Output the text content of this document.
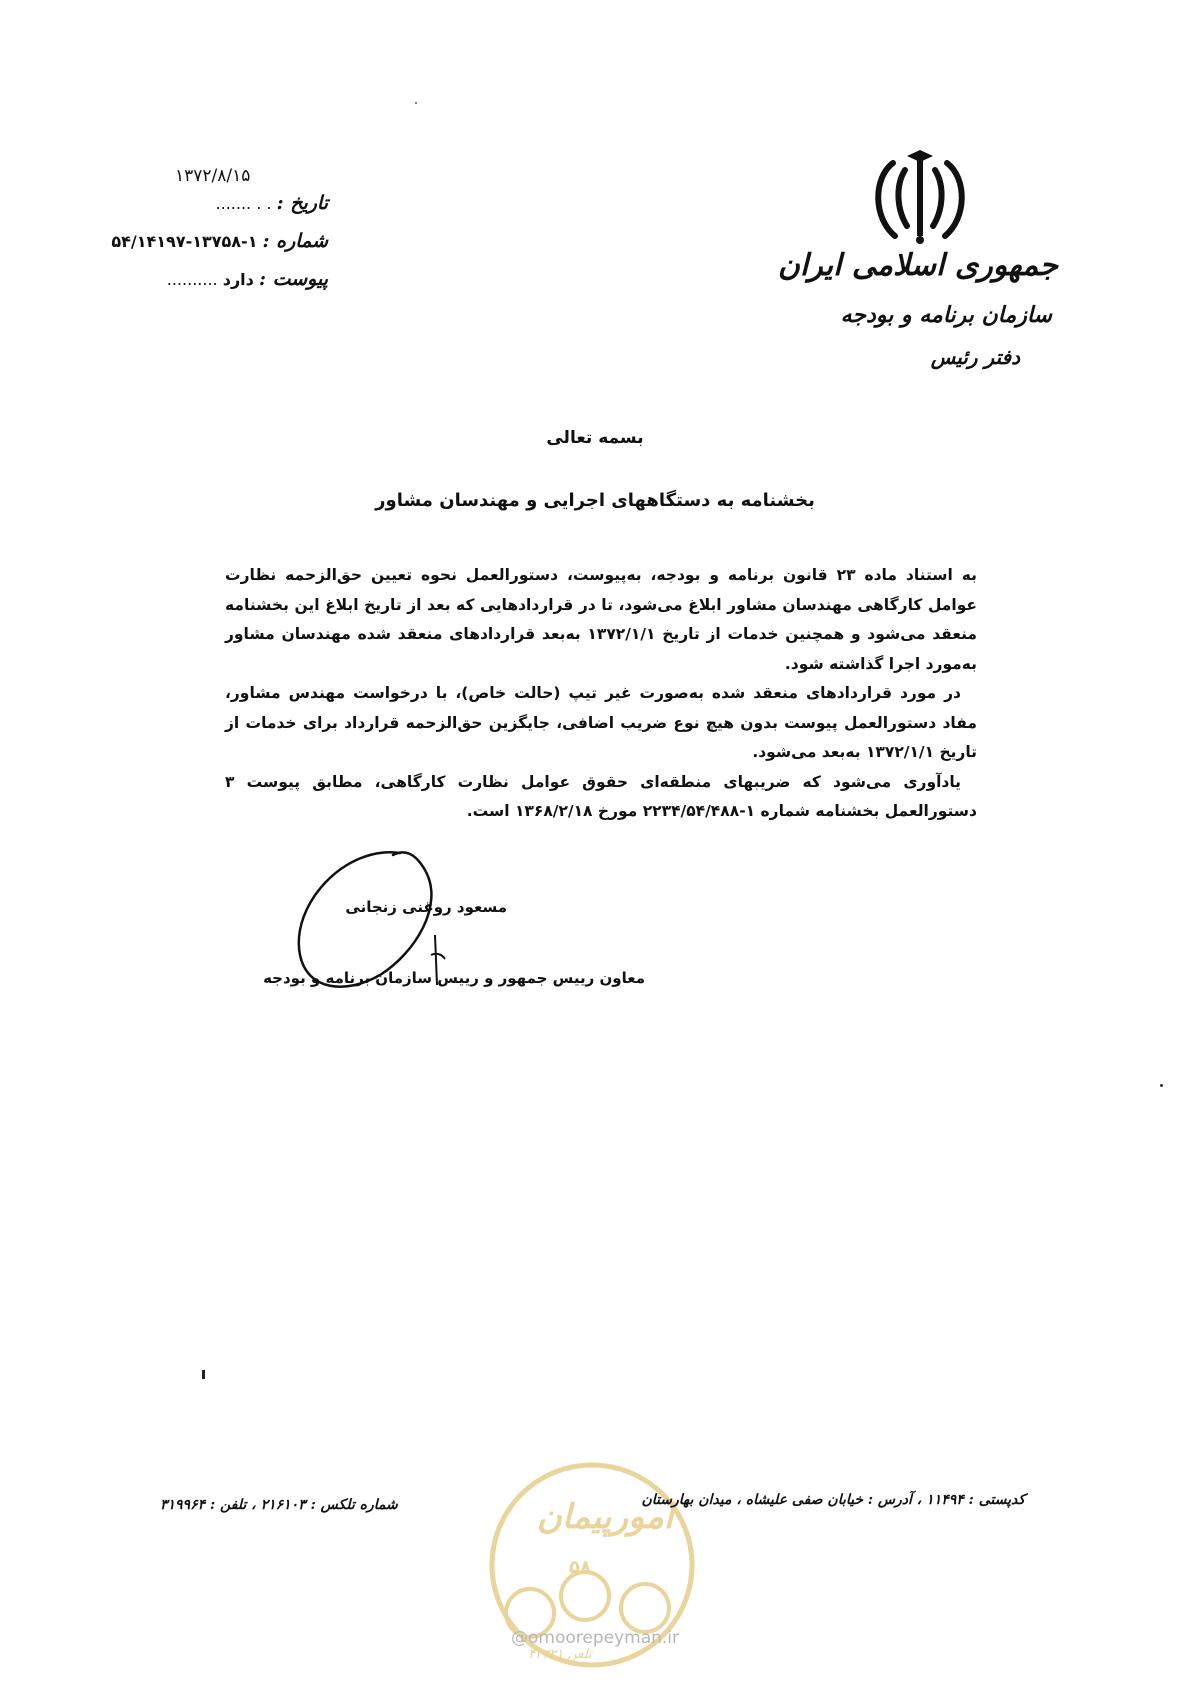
جمهوری اسلامی ایران
سازمان برنامه و بودجه
دفتر رئیس
۱۳۷۲/۸/۱۵
تاریخ : . . .......
شماره : ۱-۱۳۷۵۸-۵۴/۱۴۱۹۷
پیوست : دارد ..........
بسمه تعالی
بخشنامه به دستگاههای اجرایی و مهندسان مشاور

به استناد ماده ۲۳ قانون برنامه و بودجه، به‌پیوست، دستورالعمل نحوه تعیین حق‌الزحمه نظارت عوامل کارگاهی مهندسان مشاور ابلاغ می‌شود، تا در قراردادهایی که بعد از تاریخ ابلاغ این بخشنامه منعقد می‌شود و همچنین خدمات از تاریخ ۱۳۷۲/۱/۱ به‌بعد قراردادهای منعقد شده مهندسان مشاور به‌مورد اجرا گذاشته شود.

در مورد قراردادهای منعقد شده به‌صورت غیر تیپ (حالت خاص)، با درخواست مهندس مشاور، مفاد دستورالعمل پیوست بدون هیچ نوع ضریب اضافی، جایگزین حق‌الزحمه قرارداد برای خدمات از تاریخ ۱۳۷۲/۱/۱ به‌بعد می‌شود.

یادآوری می‌شود که ضریبهای منطقه‌ای حقوق عوامل نظارت کارگاهی، مطابق پیوست ۳ دستورالعمل بخشنامه شماره ۱-۲۲۳۴/۵۴/۴۸۸ مورخ ۱۳۶۸/۲/۱۸ است.

مسعود روغنی زنجانی
معاون رییس جمهور و رییس سازمان برنامه و بودجه
امورپیمان
۵۸
تلفن ۴۳۳۲۱
@omoorepeyman.ir
کدپستی : ۱۱۴۹۴ ، آدرس : خیابان صفی علیشاه ، میدان بهارستان
شماره تلکس : ۲۱۶۱۰۳ ، تلفن : ۳۱۹۹۶۴
